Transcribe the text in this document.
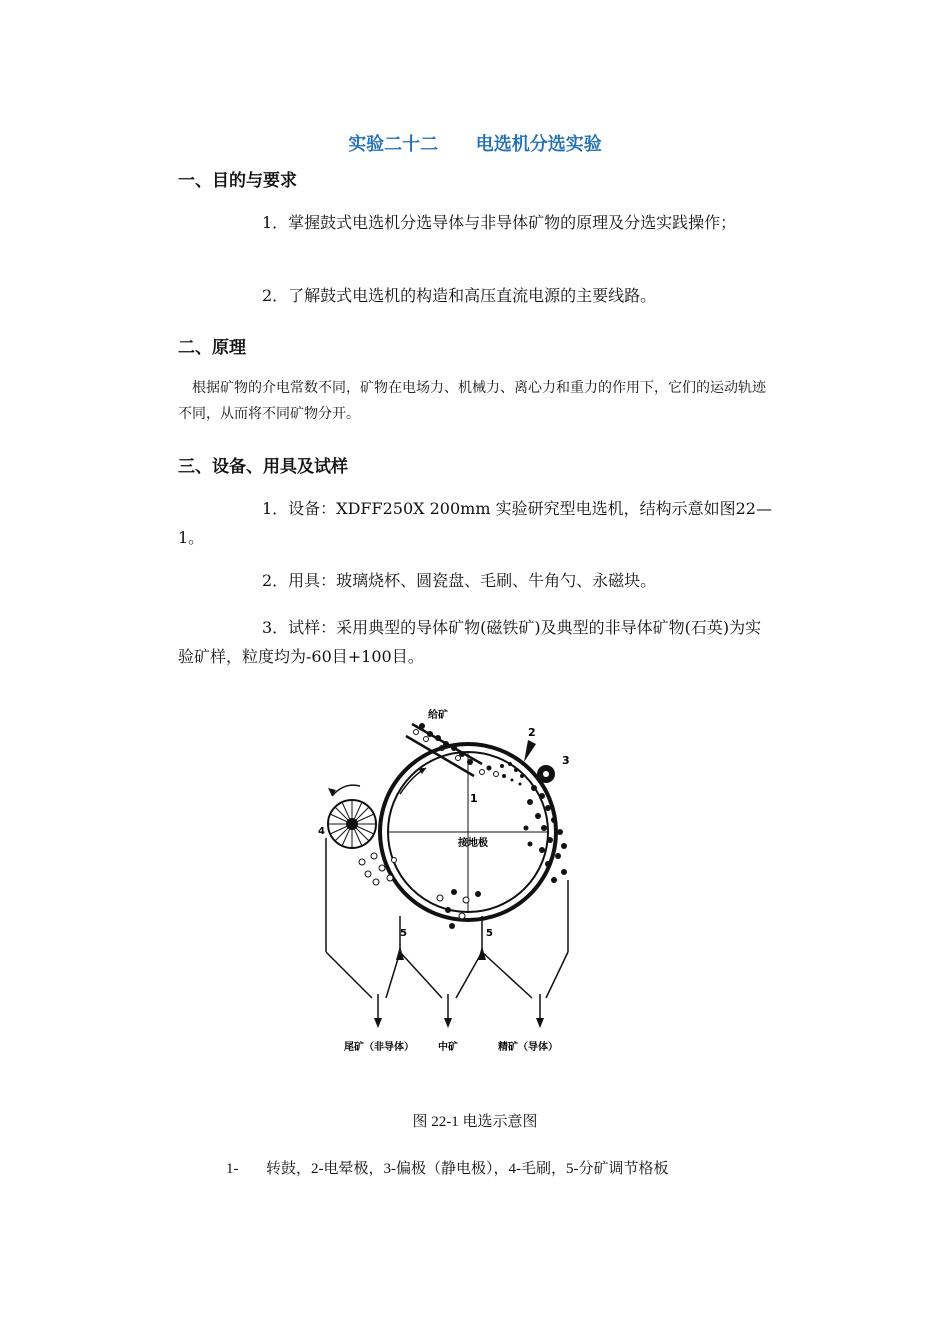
实验二十二      电选机分选实验
一、目的与要求
1．掌握鼓式电选机分选导体与非导体矿物的原理及分选实践操作；
2．了解鼓式电选机的构造和高压直流电源的主要线路。
二、原理
根据矿物的介电常数不同，矿物在电场力、机械力、离心力和重力的作用下，它们的运动轨迹不同，从而将不同矿物分开。
三、设备、用具及试样
1．设备：XDFF250X 200mm 实验研究型电选机，结构示意如图22—1。
2．用具：玻璃烧杯、圆瓷盘、毛刷、牛角勺、永磁块。
3．试样：采用典型的导体矿物(磁铁矿)及典型的非导体矿物(石英)为实验矿样，粒度均为-60目+100目。
给矿
1
接地极
2
3
4
5	5
尾矿（非导体） 中矿	精矿（导体）
图 22-1 电选示意图
1- 转鼓，2-电晕极，3-偏极（静电极），4-毛刷，5-分矿调节格板
